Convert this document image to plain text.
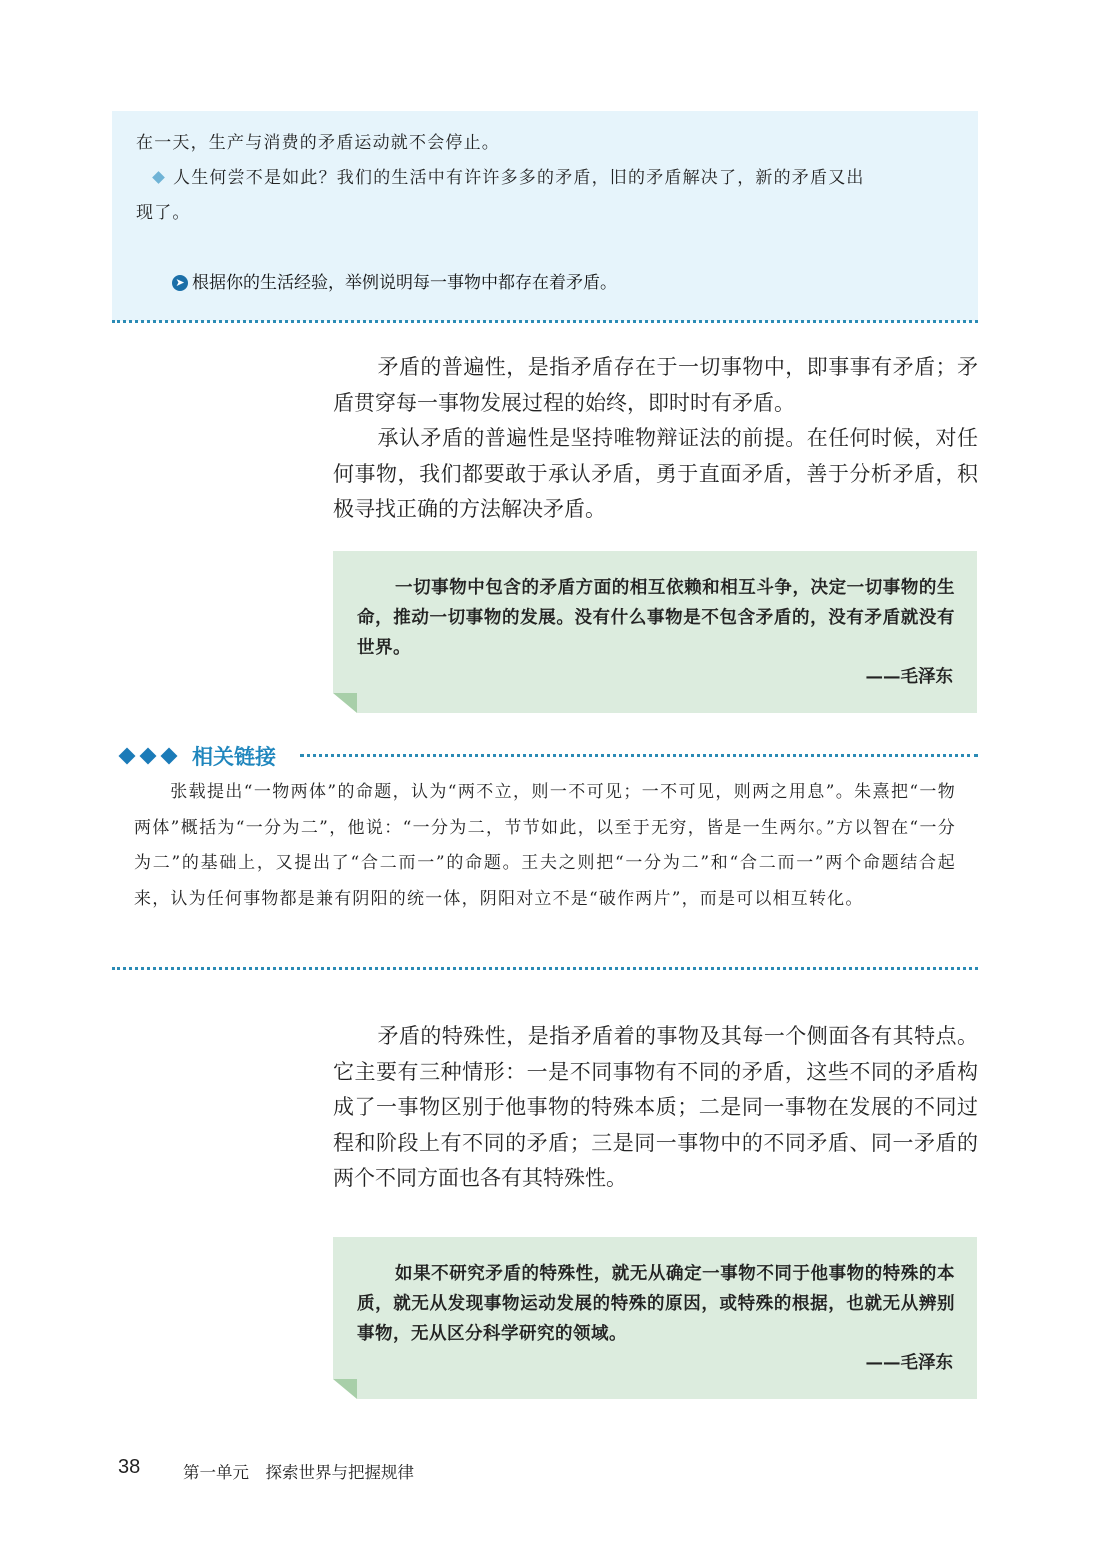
在一天，生产与消费的矛盾运动就不会停止。

人生何尝不是如此？我们的生活中有许许多多的矛盾，旧的矛盾解决了，新的矛盾又出

现了。

➤ 根据你的生活经验，举例说明每一事物中都存在着矛盾。
矛盾的普遍性，是指矛盾存在于一切事物中，即事事有矛盾；矛盾贯穿每一事物发展过程的始终，即时时有矛盾。
承认矛盾的普遍性是坚持唯物辩证法的前提。在任何时候，对任何事物，我们都要敢于承认矛盾，勇于直面矛盾，善于分析矛盾，积极寻找正确的方法解决矛盾。
一切事物中包含的矛盾方面的相互依赖和相互斗争，决定一切事物的生命，推动一切事物的发展。没有什么事物是不包含矛盾的，没有矛盾就没有世界。
——毛泽东
相关链接
张载提出“一物两体”的命题，认为“两不立，则一不可见；一不可见，则两之用息”。朱熹把“一物两体”概括为“一分为二”，他说：“一分为二，节节如此，以至于无穷，皆是一生两尔。”方以智在“一分为二”的基础上，又提出了“合二而一”的命题。王夫之则把“一分为二”和“合二而一”两个命题结合起来，认为任何事物都是兼有阴阳的统一体，阴阳对立不是“破作两片”，而是可以相互转化。
矛盾的特殊性，是指矛盾着的事物及其每一个侧面各有其特点。它主要有三种情形：一是不同事物有不同的矛盾，这些不同的矛盾构成了一事物区别于他事物的特殊本质；二是同一事物在发展的不同过程和阶段上有不同的矛盾；三是同一事物中的不同矛盾、同一矛盾的两个不同方面也各有其特殊性。
如果不研究矛盾的特殊性，就无从确定一事物不同于他事物的特殊的本质，就无从发现事物运动发展的特殊的原因，或特殊的根据，也就无从辨别事物，无从区分科学研究的领域。
——毛泽东
38	第一单元　探索世界与把握规律
